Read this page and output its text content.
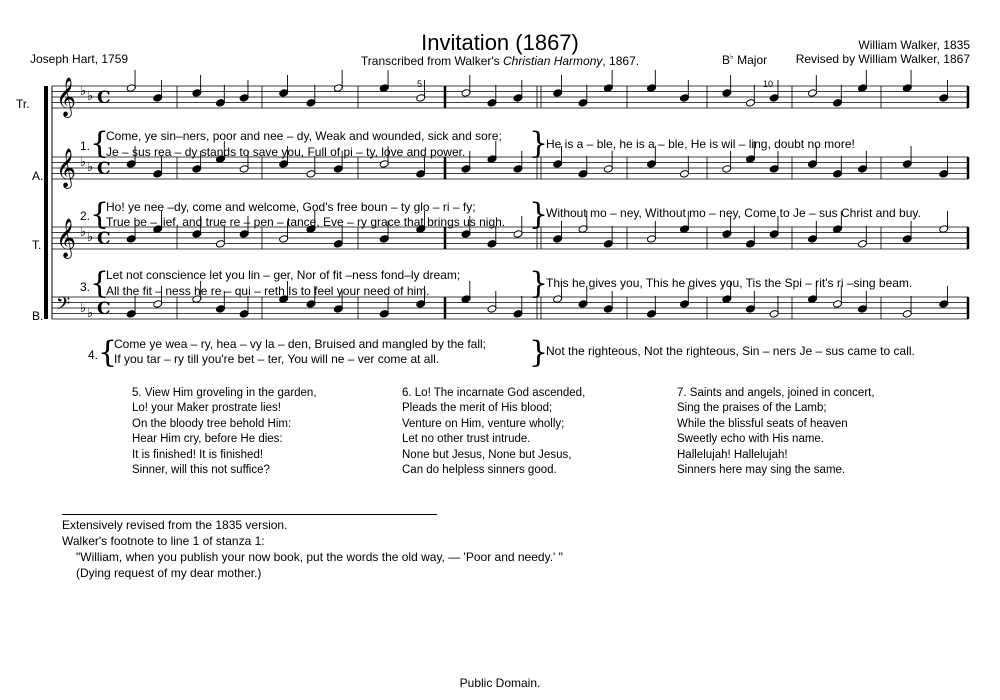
Invitation (1867)
Transcribed from Walker's Christian Harmony, 1867.
Joseph Hart, 1759
William Walker, 1835
B♭ Major Revised by William Walker, 1867
𝄞 ♭ ♭ C
𝄞 ♭ ♭ C
𝄞 ♭ ♭ C
𝄢 ♭ ♭ C
Tr.
A.
T.
B.
5	10
1. {
Come, ye sin–ners, poor and nee – dy, Weak and wounded, sick and sore;
Je – sus rea – dy stands to save you, Full of pi – ty, love and power. }
He is a – ble, he is a – ble, He is wil – ling, doubt no more!
2. {
Ho! ye nee –dy, come and welcome, God's free boun – ty glo – ri – fy;
True be – lief, and true re – pen – tance, Eve – ry grace that brings us nigh. }
Without mo – ney, Without mo – ney, Come to Je – sus Christ and buy.
3. {
Let not conscience let you lin – ger, Nor of fit –ness fond–ly dream;
All the fit – ness he re – qui – reth Is to feel your need of him.	}
This he gives you, This he gives you, Tis the Spi – rit's ri –sing beam.
4. {
Come ye wea – ry, hea – vy la – den, Bruised and mangled by the fall;
If you tar – ry till you're bet – ter, You will ne – ver come at all.	}
Not the righteous, Not the righteous, Sin – ners Je – sus came to call.
5. View Him groveling in the garden,
Lo! your Maker prostrate lies!
On the bloody tree behold Him:
Hear Him cry, before He dies:
It is finished! It is finished!
Sinner, will this not suffice?
6. Lo! The incarnate God ascended,
Pleads the merit of His blood;
Venture on Him, venture wholly;
Let no other trust intrude.
None but Jesus, None but Jesus,
Can do helpless sinners good.
7. Saints and angels, joined in concert,
Sing the praises of the Lamb;
While the blissful seats of heaven
Sweetly echo with His name.
Hallelujah! Hallelujah!
Sinners here may sing the same.
Extensively revised from the 1835 version.
Walker's footnote to line 1 of stanza 1:
"William, when you publish your now book, put the words the old way, — 'Poor and needy.' "
(Dying request of my dear mother.)
Public Domain.
